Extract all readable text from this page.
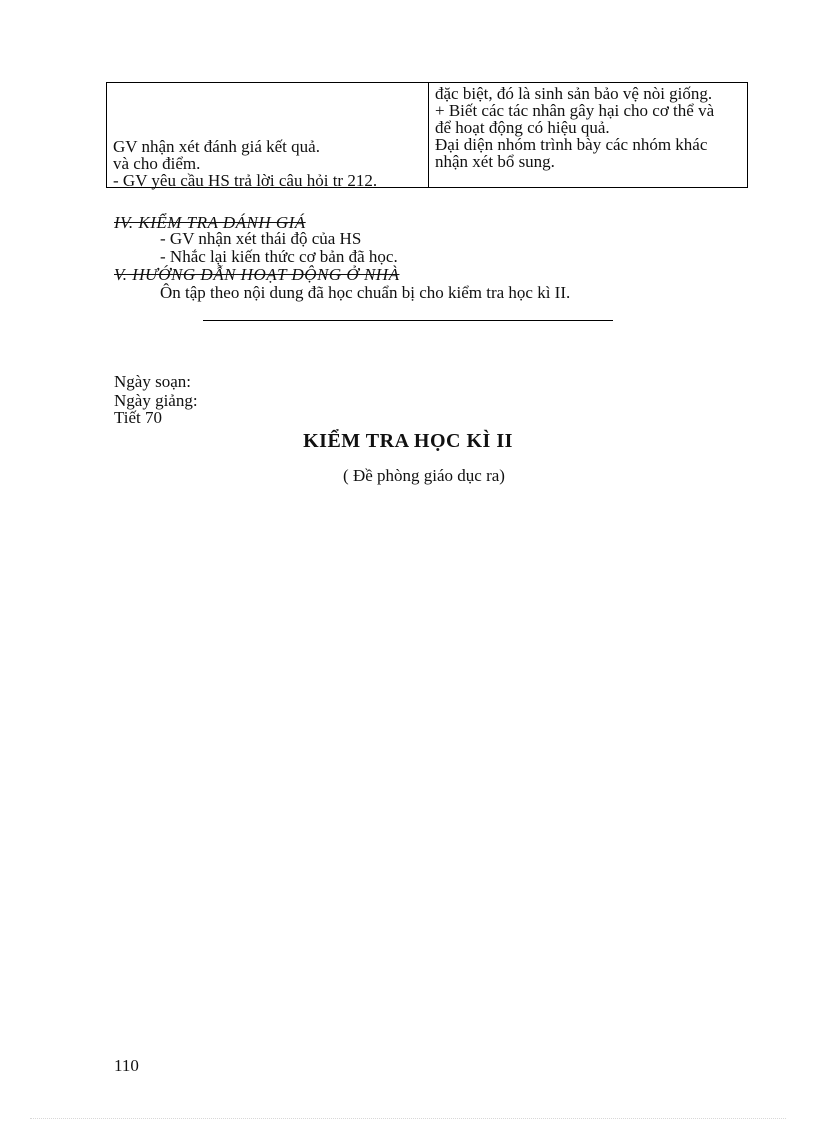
GV nhận xét đánh giá kết quả.
và cho điểm.
- GV yêu cầu HS trả lời câu hỏi tr 212.
đặc biệt, đó là sinh sản bảo vệ nòi giống.
+ Biết các tác nhân gây hại cho cơ thể và
để hoạt động có hiệu quả.
Đại diện nhóm trình bày các nhóm khác
nhận xét bổ sung.
IV. KIỂM TRA ĐÁNH GIÁ
- GV nhận xét thái độ của HS
- Nhắc lại kiến thức cơ bản đã học.
V. HƯỚNG DẪN HOẠT ĐỘNG Ở NHÀ
Ôn tập theo nội dung đã học chuẩn bị cho kiểm tra học kì II.
Ngày soạn:
Ngày giảng:
Tiết 70
KIỂM TRA HỌC KÌ II
( Đề phòng giáo dục ra)
110
